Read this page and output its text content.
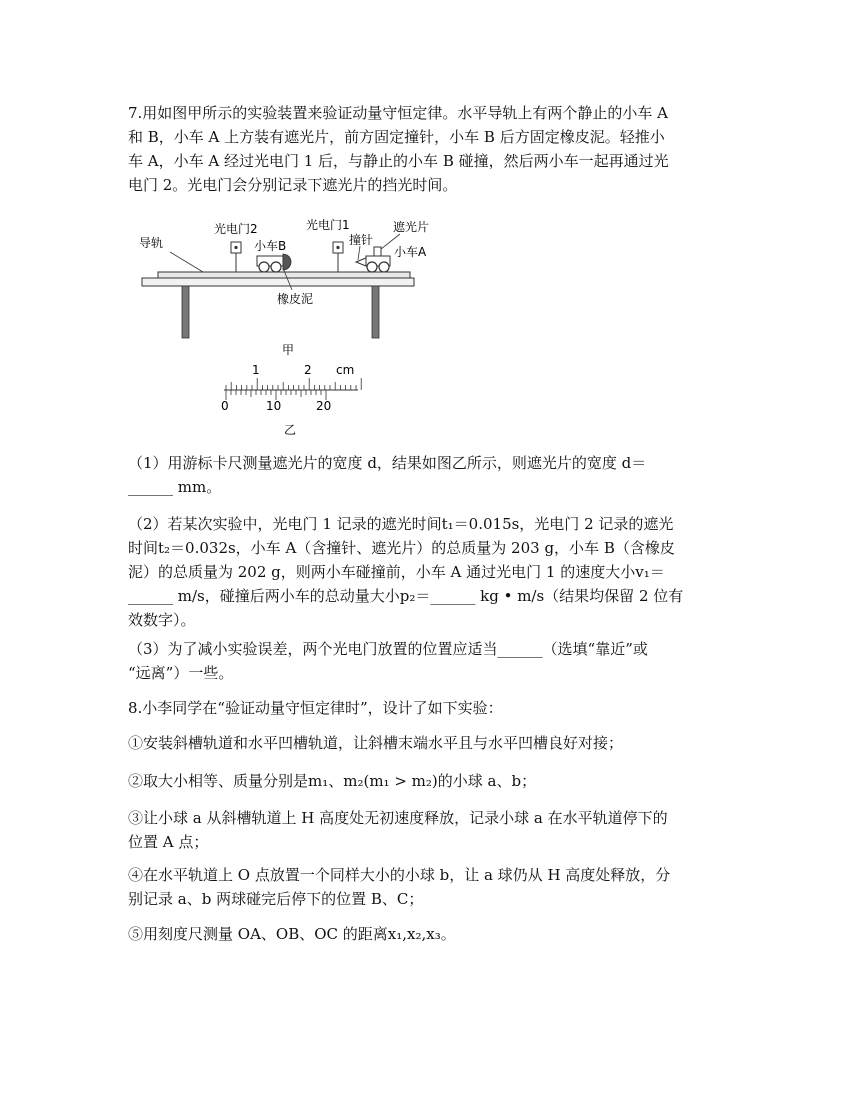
7.用如图甲所示的实验装置来验证动量守恒定律。水平导轨上有两个静止的小车 A
和 B，小车 A 上方装有遮光片，前方固定撞针，小车 B 后方固定橡皮泥。轻推小
车 A，小车 A 经过光电门 1 后，与静止的小车 B 碰撞，然后两小车一起再通过光
电门 2。光电门会分别记录下遮光片的挡光时间。

导轨
光电门2	光电门1
小车B	撞针
遮光片
小车A
橡皮泥
甲
1	2 cm
0	10	20
乙

（1）用游标卡尺测量遮光片的宽度 d，结果如图乙所示，则遮光片的宽度 d＝
______ mm。

（2）若某次实验中，光电门 1 记录的遮光时间t₁＝0.015s，光电门 2 记录的遮光
时间t₂＝0.032s，小车 A（含撞针、遮光片）的总质量为 203 g，小车 B（含橡皮
泥）的总质量为 202 g，则两小车碰撞前，小车 A 通过光电门 1 的速度大小v₁＝
______ m/s，碰撞后两小车的总动量大小p₂＝______ kg • m/s（结果均保留 2 位有
效数字）。

（3）为了减小实验误差，两个光电门放置的位置应适当______（选填“靠近”或
“远离”）一些。

8.小李同学在“验证动量守恒定律时”，设计了如下实验：

①安装斜槽轨道和水平凹槽轨道，让斜槽末端水平且与水平凹槽良好对接；

②取大小相等、质量分别是m₁、m₂(m₁ > m₂)的小球 a、b；

③让小球 a 从斜槽轨道上 H 高度处无初速度释放，记录小球 a 在水平轨道停下的
位置 A 点；

④在水平轨道上 O 点放置一个同样大小的小球 b，让 a 球仍从 H 高度处释放，分
别记录 a、b 两球碰完后停下的位置 B、C；

⑤用刻度尺测量 OA、OB、OC 的距离x₁,x₂,x₃。
